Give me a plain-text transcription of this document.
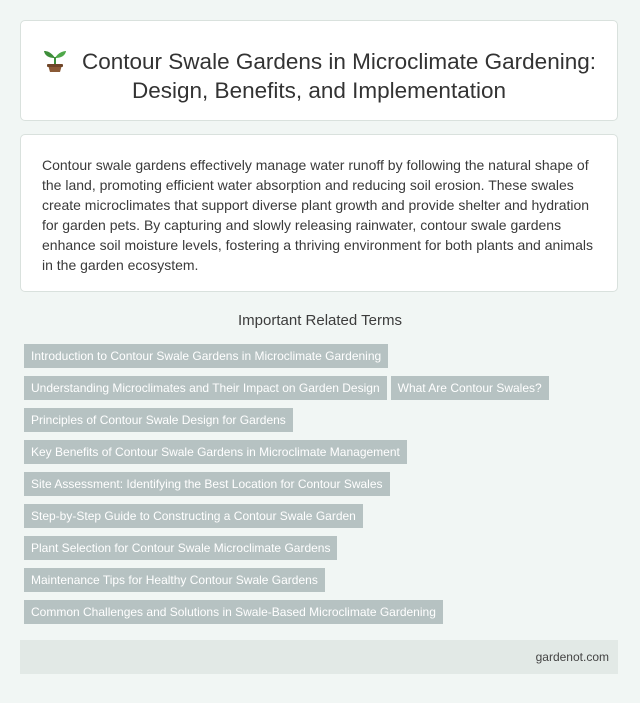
Contour Swale Gardens in Microclimate Gardening: Design, Benefits, and Implementation

Contour swale gardens effectively manage water runoff by following the natural shape of the land, promoting efficient water absorption and reducing soil erosion. These swales create microclimates that support diverse plant growth and provide shelter and hydration for garden pets. By capturing and slowly releasing rainwater, contour swale gardens enhance soil moisture levels, fostering a thriving environment for both plants and animals in the garden ecosystem.

Important Related Terms
Introduction to Contour Swale Gardens in Microclimate Gardening
Understanding Microclimates and Their Impact on Garden Design What Are Contour Swales?
Principles of Contour Swale Design for Gardens
Key Benefits of Contour Swale Gardens in Microclimate Management
Site Assessment: Identifying the Best Location for Contour Swales
Step-by-Step Guide to Constructing a Contour Swale Garden
Plant Selection for Contour Swale Microclimate Gardens
Maintenance Tips for Healthy Contour Swale Gardens
Common Challenges and Solutions in Swale-Based Microclimate Gardening
gardenot.com
